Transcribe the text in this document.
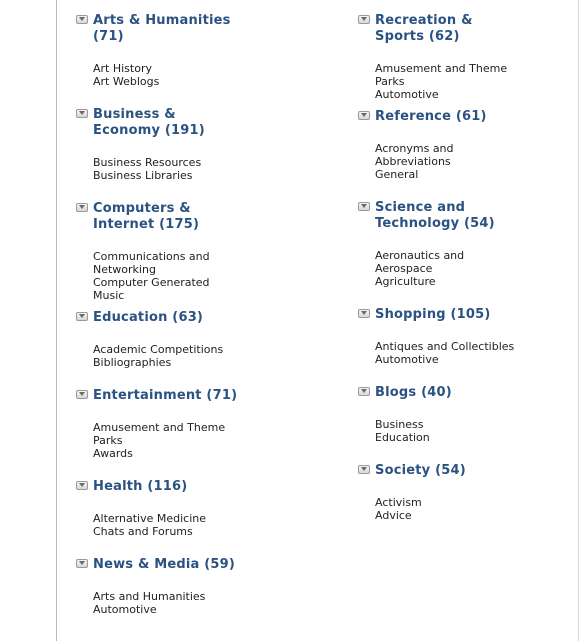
Arts & Humanities
(71)
Art History
Art Weblogs
Business &
Economy (191)
Business Resources
Business Libraries
Computers &
Internet (175)
Communications and
Networking
Computer Generated
Music
Education (63)
Academic Competitions
Bibliographies
Entertainment (71)
Amusement and Theme
Parks
Awards
Health (116)
Alternative Medicine
Chats and Forums
News & Media (59)
Arts and Humanities
Automotive
Recreation &
Sports (62)
Amusement and Theme
Parks
Automotive
Reference (61)
Acronyms and
Abbreviations
General
Science and
Technology (54)
Aeronautics and
Aerospace
Agriculture
Shopping (105)
Antiques and Collectibles
Automotive
Blogs (40)
Business
Education
Society (54)
Activism
Advice
